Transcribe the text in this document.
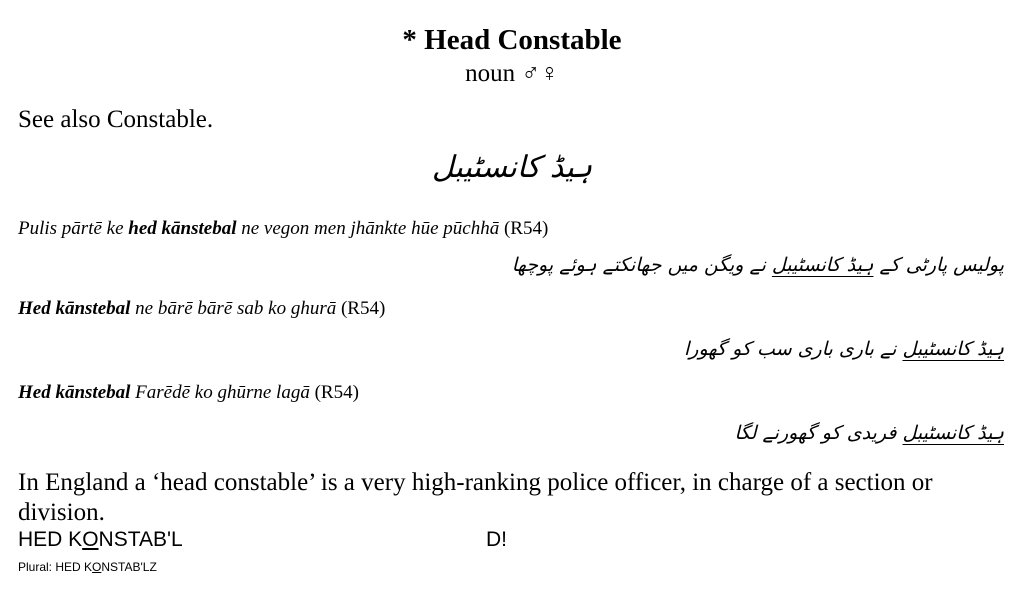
* Head Constable
noun ♂♀
See also Constable.
ہیڈ کانسٹیبل
Pulis pārtē ke hed kānstebal ne vegon men jhānkte hūe pūchhā (R54)
پولیس پارٹی کے ہیڈ کانسٹیبل نے ویگن میں جھانکتے ہوئے پوچھا
Hed kānstebal ne bārē bārē sab ko ghurā (R54)
ہیڈ کانسٹیبل نے باری باری سب کو گھورا
Hed kānstebal Farēdē ko ghūrne lagā (R54)
ہیڈ کانسٹیبل فریدی کو گھورنے لگا
In England a ‘head constable’ is a very high-ranking police officer, in charge of a section or division.
HED KONSTAB'L	D!
Plural: HED KONSTAB'LZ
